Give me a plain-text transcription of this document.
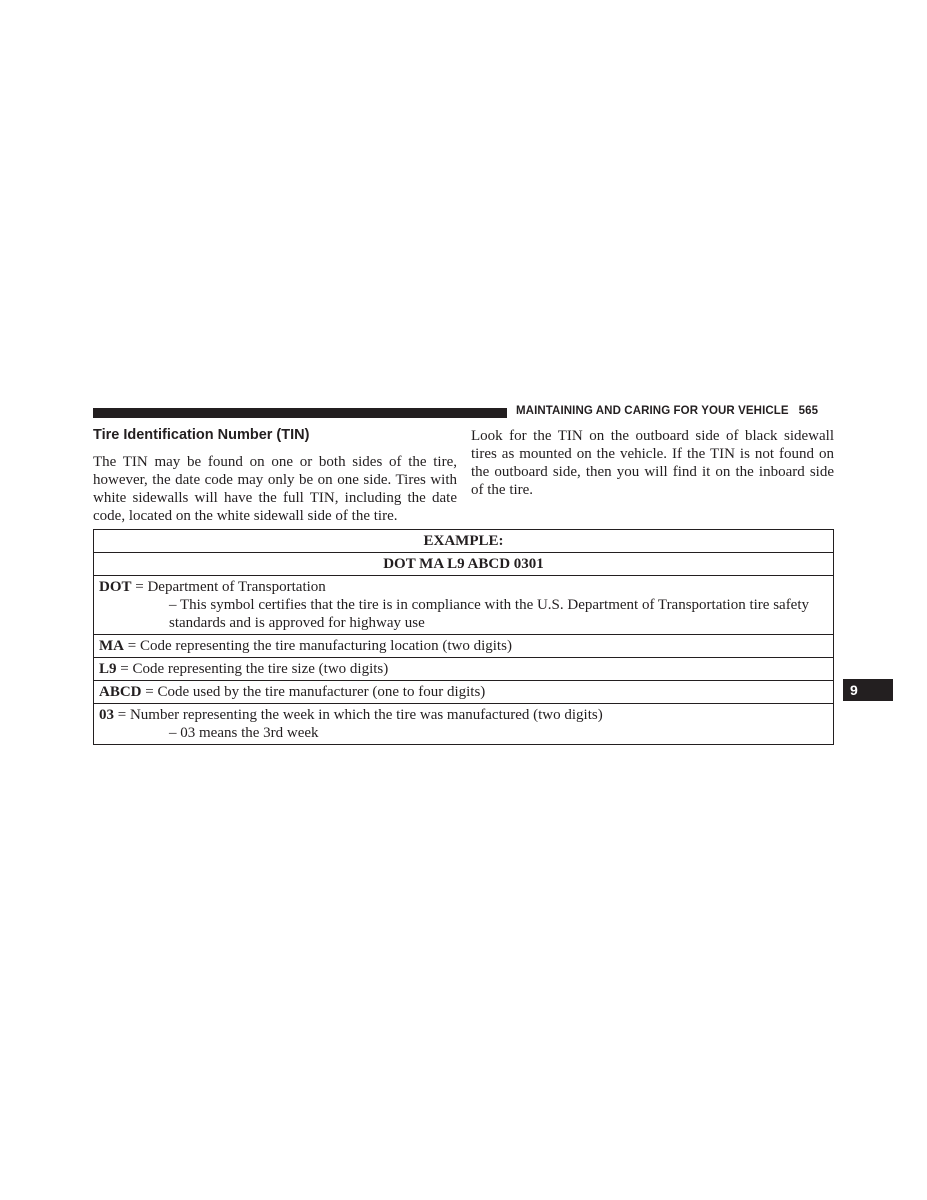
MAINTAINING AND CARING FOR YOUR VEHICLE 565
Tire Identification Number (TIN)
The TIN may be found on one or both sides of the tire, however, the date code may only be on one side. Tires with white sidewalls will have the full TIN, including the date code, located on the white sidewall side of the tire.
Look for the TIN on the outboard side of black sidewall tires as mounted on the vehicle. If the TIN is not found on the outboard side, then you will find it on the inboard side of the tire.
EXAMPLE:
DOT MA L9 ABCD 0301
DOT = Department of Transportation
– This symbol certifies that the tire is in compliance with the U.S. Department of Transportation tire safety standards and is approved for highway use

MA = Code representing the tire manufacturing location (two digits)
L9 = Code representing the tire size (two digits)
ABCD = Code used by the tire manufacturer (one to four digits)
03 = Number representing the week in which the tire was manufactured (two digits)
– 03 means the 3rd week
9
